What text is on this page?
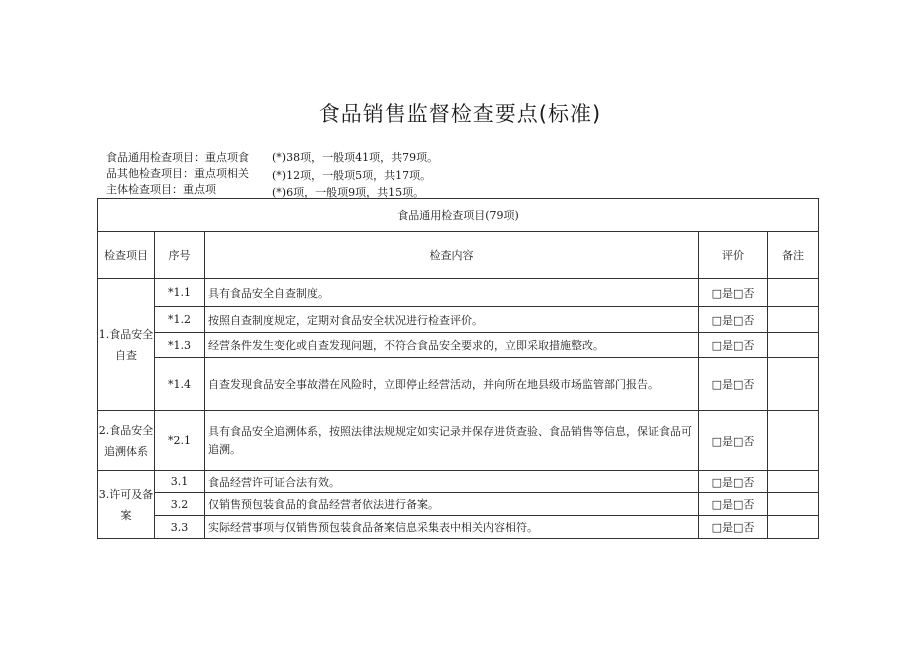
食品销售监督检查要点(标准)
食品通用检查项目：重点项食 (*)38项，一般项41项，共79项。
品其他检查项目：重点项相关 (*)12项，一般项5项，共17项。
主体检查项目：重点项	(*)6项，一般项9项，共15项。
食品通用检查项目(79项)				
检查项目	序号	检查内容	评价	备注
1.食品安全自查	*1.1	具有食品安全自查制度。	□是□否	
	*1.2	按照自查制度规定，定期对食品安全状况进行检查评价。	□是□否	
	*1.3	经营条件发生变化或自查发现问题，不符合食品安全要求的，立即采取措施整改。	□是□否	
	*1.4	自查发现食品安全事故潜在风险时，立即停止经营活动，并向所在地县级市场监管部门报告。	□是□否	
2.食品安全追溯体系	*2.1	具有食品安全追溯体系，按照法律法规规定如实记录并保存进货查验、食品销售等信息，保证食品可追溯。	□是□否	
3.许可及备案	3.1	食品经营许可证合法有效。	□是□否	
	3.2	仅销售预包装食品的食品经营者依法进行备案。	□是□否	
	3.3	实际经营事项与仅销售预包装食品备案信息采集表中相关内容相符。	□是□否	
